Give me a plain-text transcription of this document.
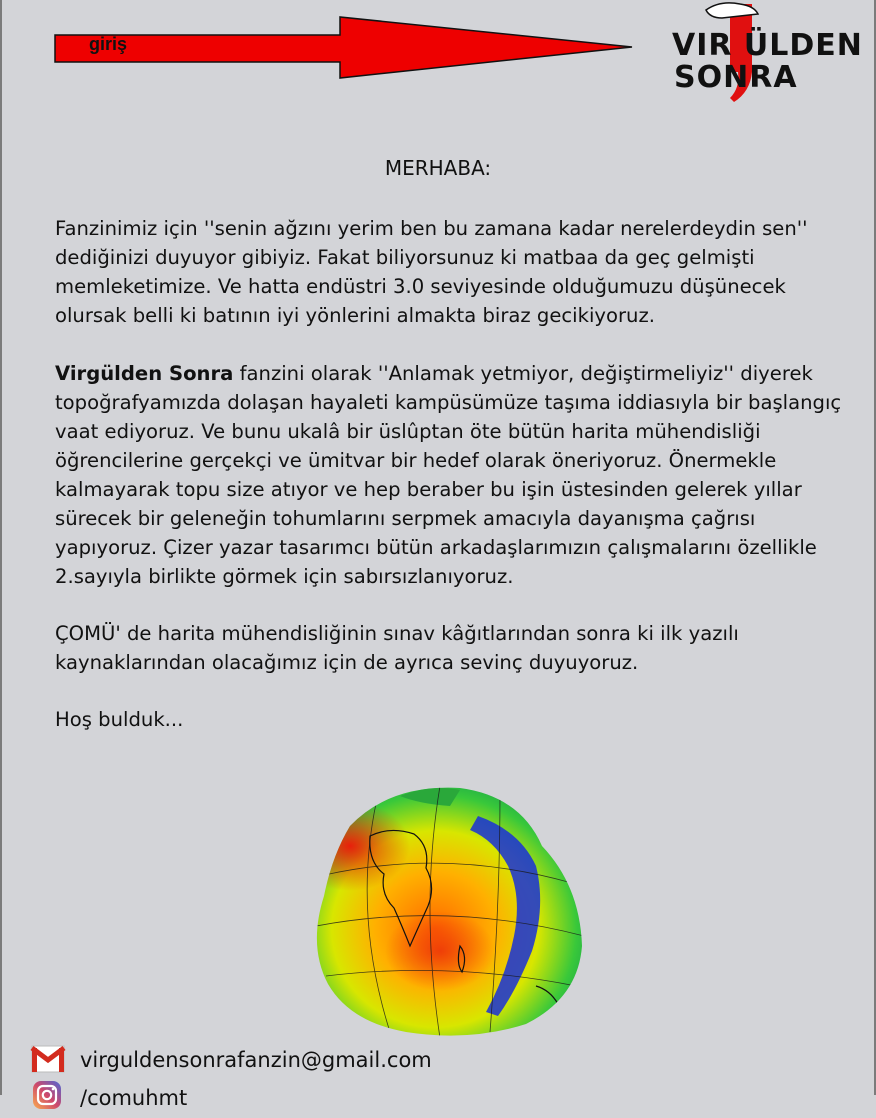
giriş	VIR ÜLDEN
SONRA
MERHABA:

Fanzinimiz için ''senin ağzını yerim ben bu zamana kadar nerelerdeydin sen'' dediğinizi duyuyor gibiyiz. Fakat biliyorsunuz ki matbaa da geç gelmişti memleketimize. Ve hatta endüstri 3.0 seviyesinde olduğumuzu düşünecek olursak belli ki batının iyi yönlerini almakta biraz gecikiyoruz.

Virgülden Sonra fanzini olarak ''Anlamak yetmiyor, değiştirmeliyiz'' diyerek topoğrafyamızda dolaşan hayaleti kampüsümüze taşıma iddiasıyla bir başlangıç vaat ediyoruz. Ve bunu ukalâ bir üslûptan öte bütün harita mühendisliği öğrencilerine gerçekçi ve ümitvar bir hedef olarak öneriyoruz. Önermekle kalmayarak topu size atıyor ve hep beraber bu işin üstesinden gelerek yıllar sürecek bir geleneğin tohumlarını serpmek amacıyla dayanışma çağrısı yapıyoruz. Çizer yazar tasarımcı bütün arkadaşlarımızın çalışmalarını özellikle 2.sayıyla birlikte görmek için sabırsızlanıyoruz.

ÇOMÜ' de harita mühendisliğinin sınav kâğıtlarından sonra ki ilk yazılı kaynaklarından olacağımız için de ayrıca sevinç duyuyoruz.

Hoş bulduk...

virguldensonrafanzin@gmail.com
/comuhmt
